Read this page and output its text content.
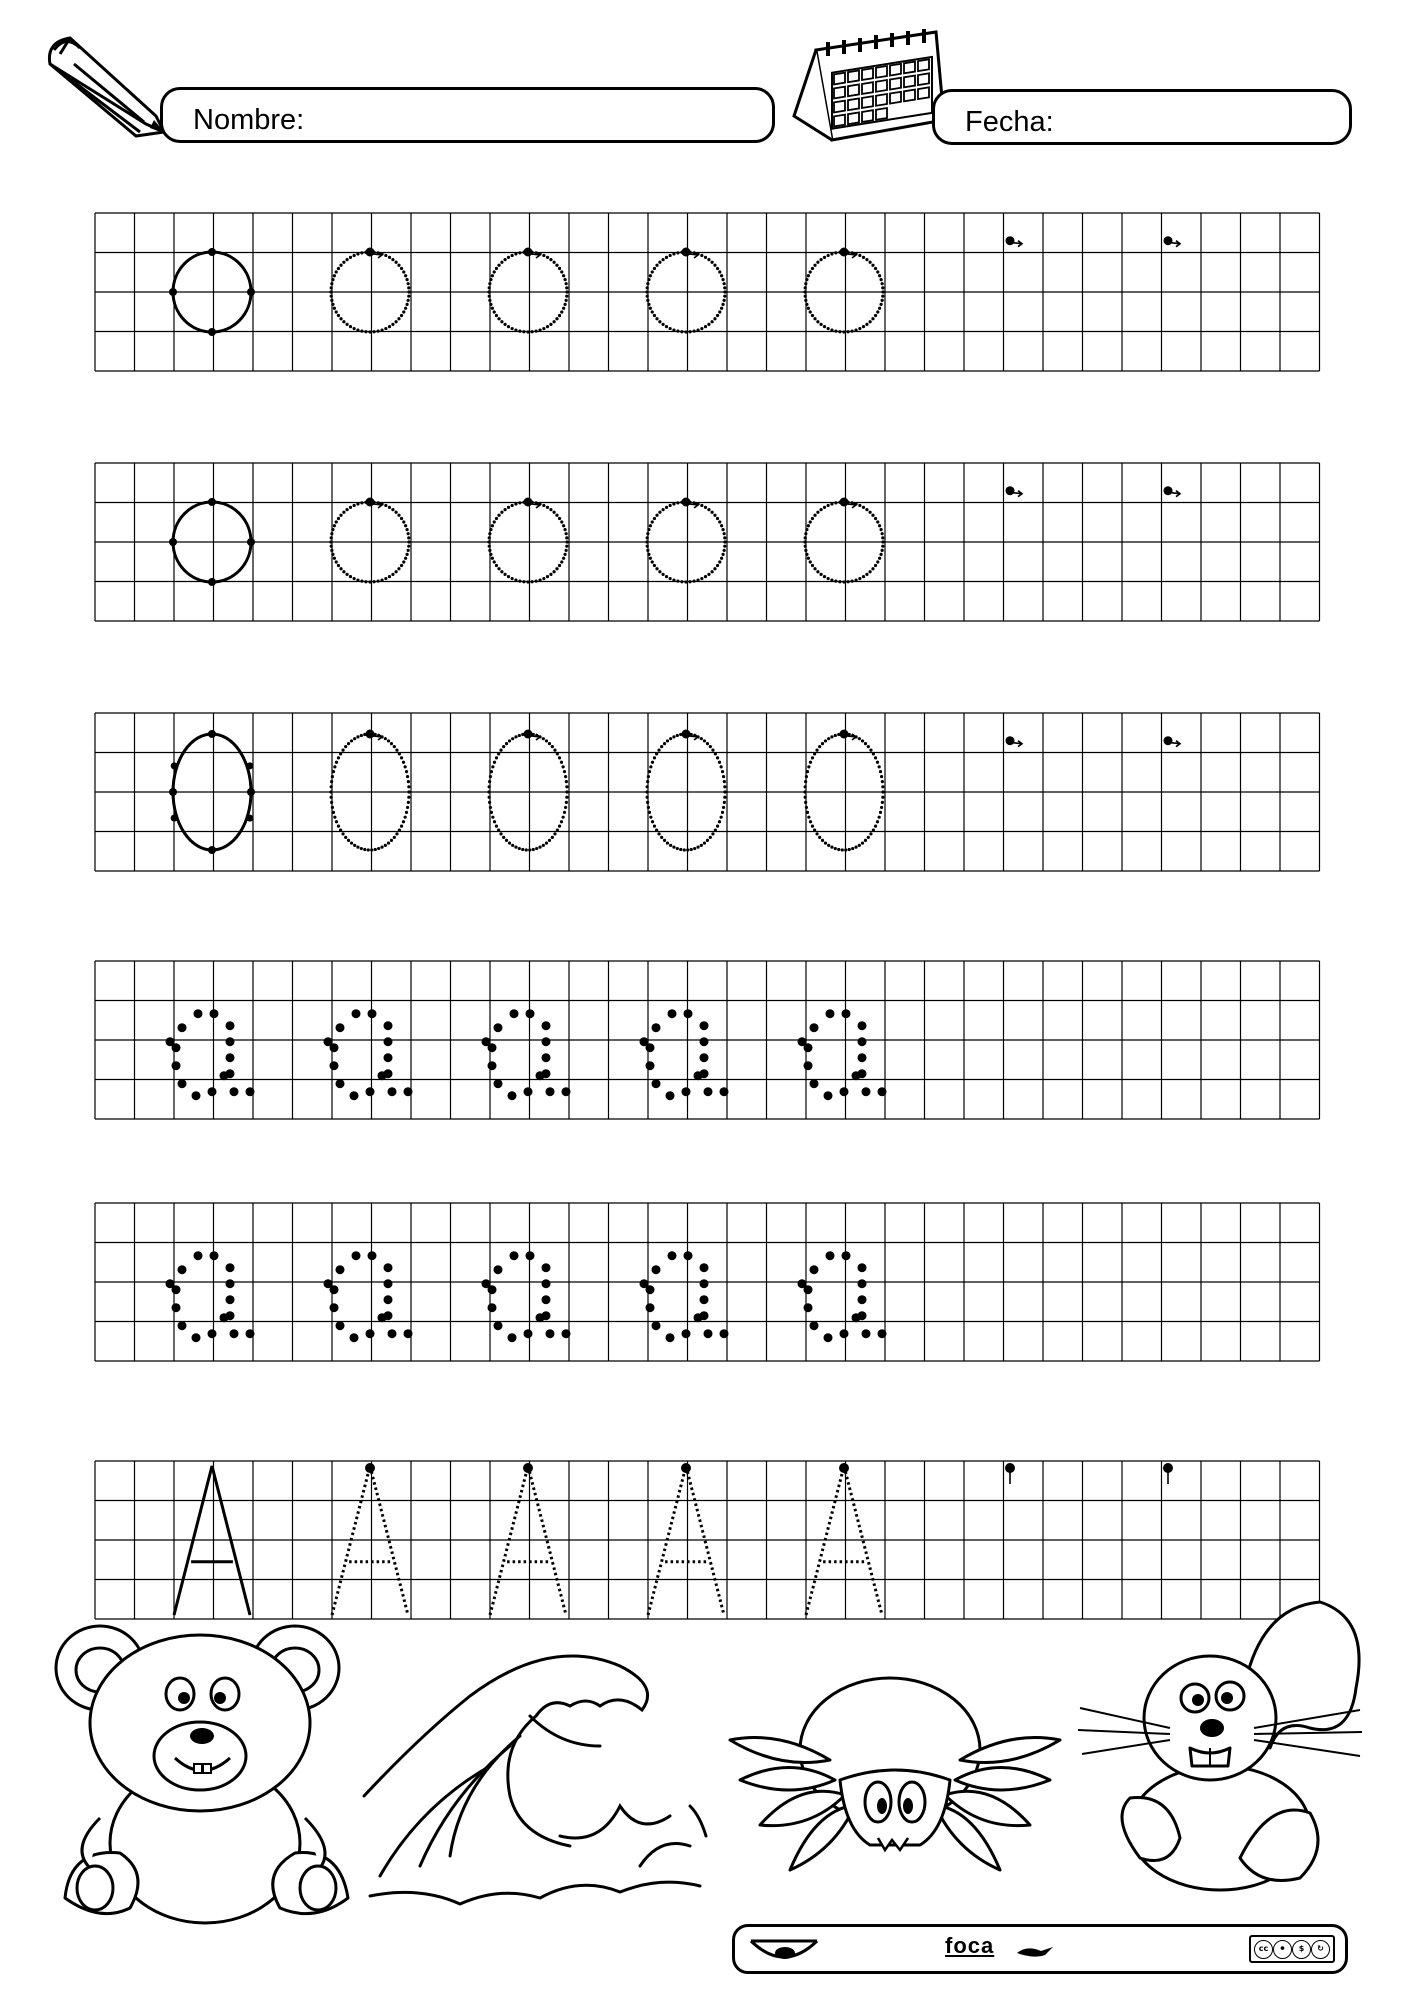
Nombre:	Fecha:
foca	cc	⚫	$	↻
